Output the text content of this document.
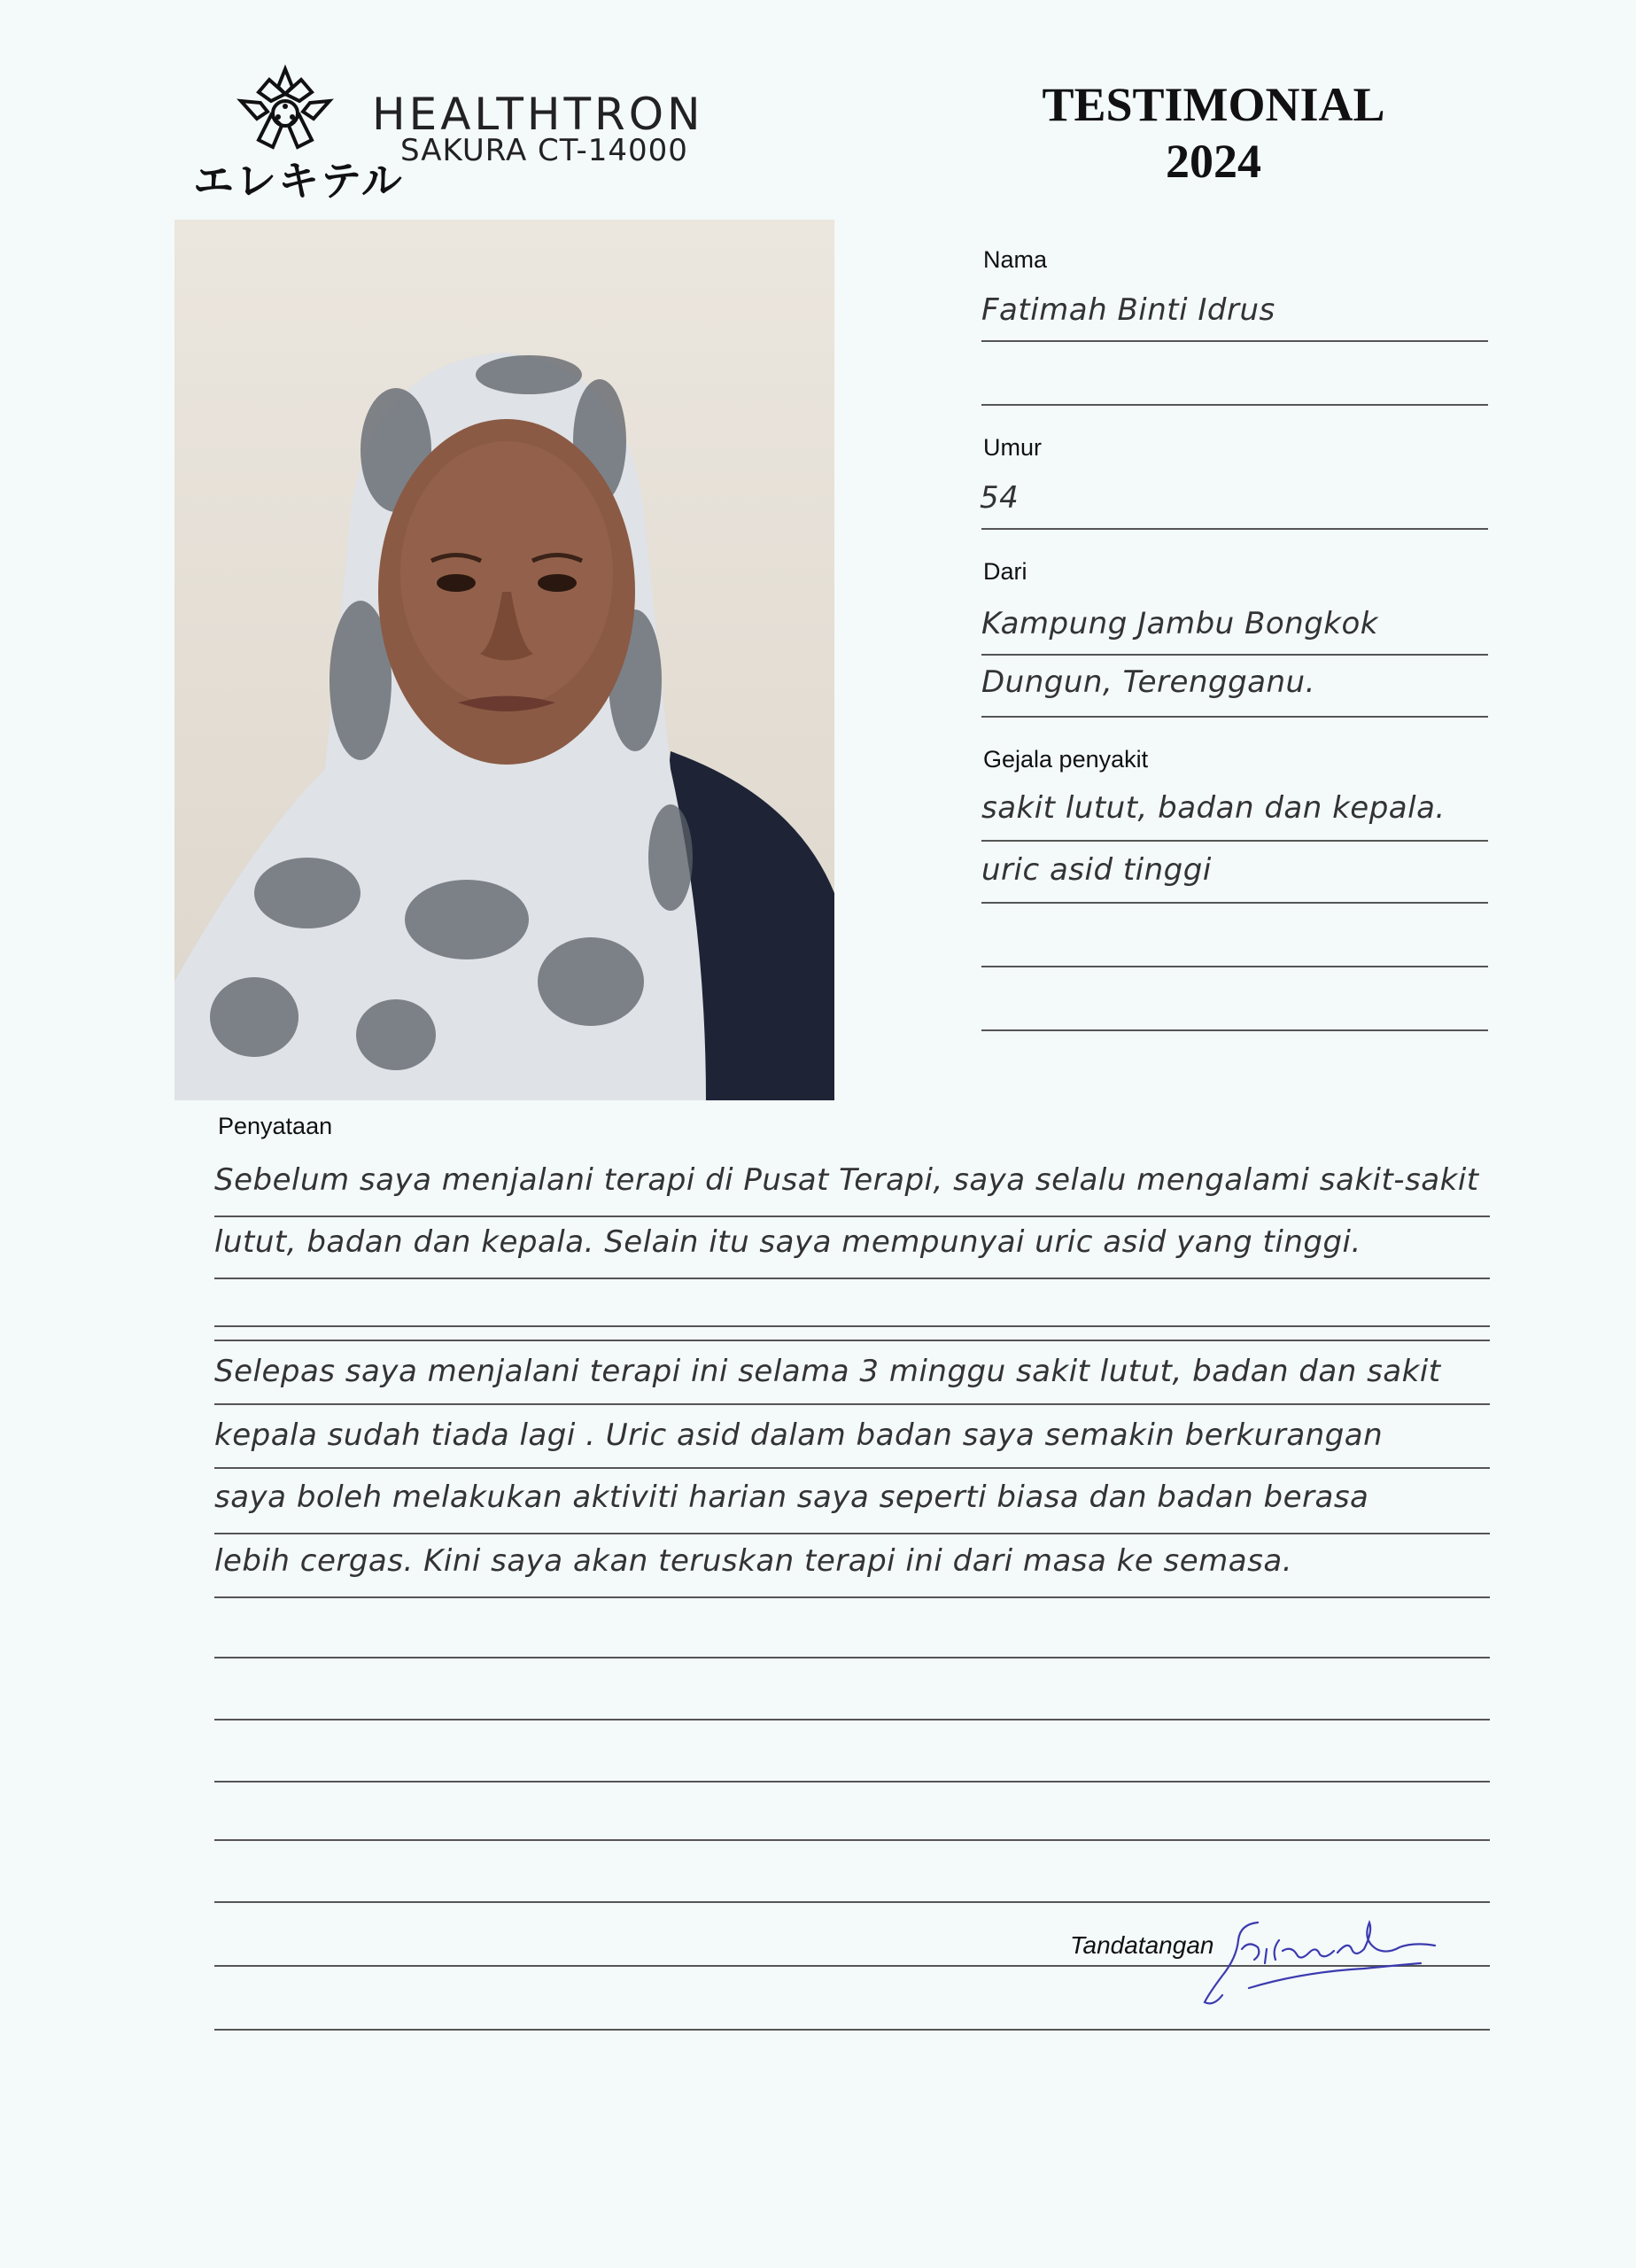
エレキテル
HEALTHTRON
SAKURA CT-14000
TESTIMONIAL
2024
Nama
Fatimah Binti Idrus
Umur
54
Dari
Kampung Jambu Bongkok
Dungun, Terengganu.
Gejala penyakit
sakit lutut, badan dan kepala.
uric asid tinggi
Penyataan
Sebelum saya menjalani terapi di Pusat Terapi, saya selalu mengalami sakit-sakit
lutut, badan dan kepala. Selain itu saya mempunyai uric asid yang tinggi.
Selepas saya menjalani terapi ini selama 3 minggu sakit lutut, badan dan sakit
kepala sudah tiada lagi . Uric asid dalam badan saya semakin berkurangan
saya boleh melakukan aktiviti harian saya seperti biasa dan badan berasa
lebih cergas. Kini saya akan teruskan terapi ini dari masa ke semasa.
Tandatangan
